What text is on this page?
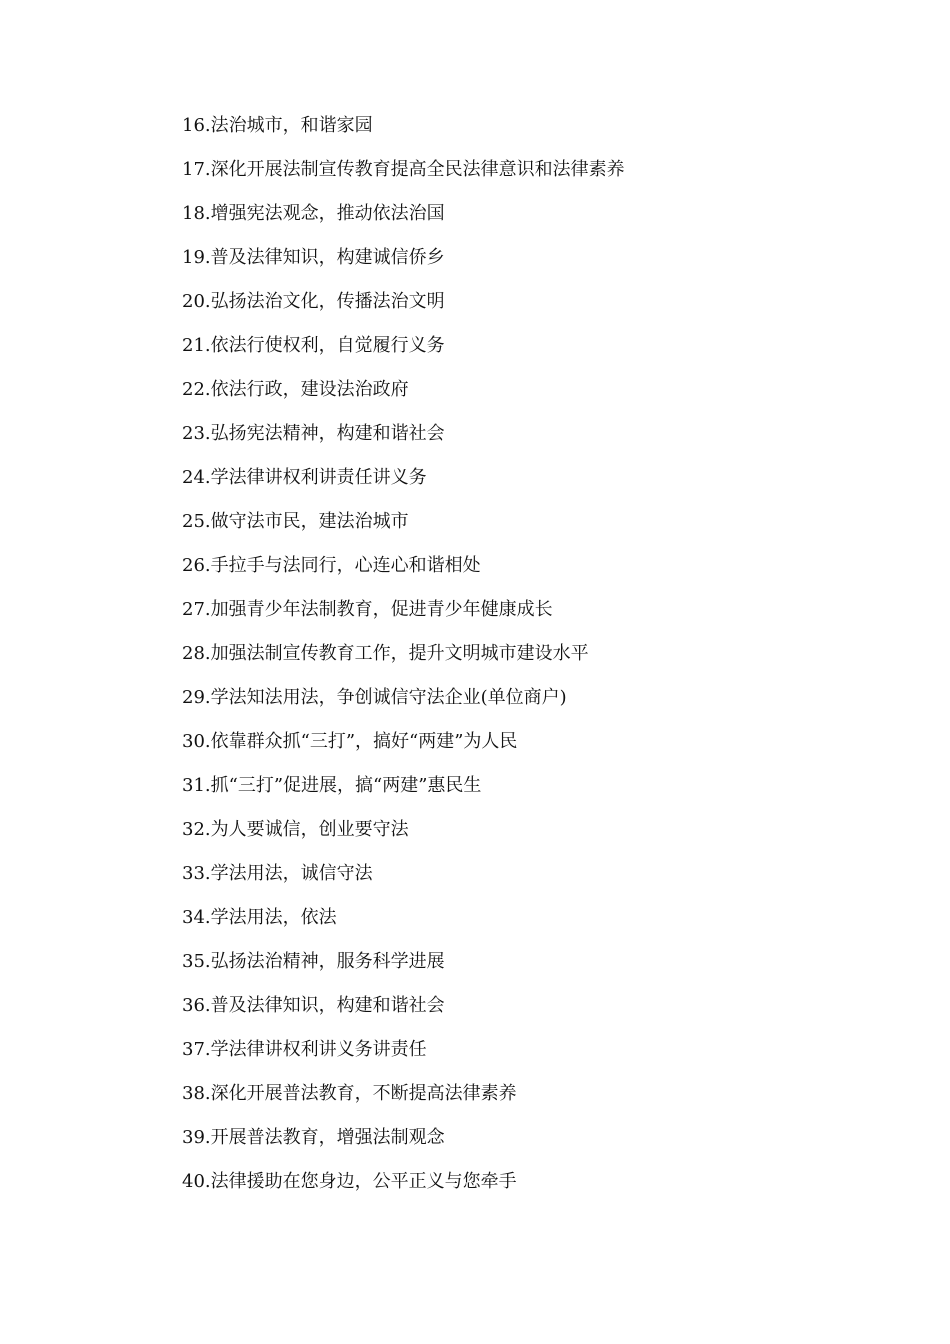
16.法治城市，和谐家园
17.深化开展法制宣传教育提高全民法律意识和法律素养
18.增强宪法观念，推动依法治国
19.普及法律知识，构建诚信侨乡
20.弘扬法治文化，传播法治文明
21.依法行使权利，自觉履行义务
22.依法行政，建设法治政府
23.弘扬宪法精神，构建和谐社会
24.学法律讲权利讲责任讲义务
25.做守法市民，建法治城市
26.手拉手与法同行，心连心和谐相处
27.加强青少年法制教育，促进青少年健康成长
28.加强法制宣传教育工作，提升文明城市建设水平
29.学法知法用法，争创诚信守法企业(单位商户)
30.依靠群众抓“三打”，搞好“两建”为人民
31.抓“三打”促进展，搞“两建”惠民生
32.为人要诚信，创业要守法
33.学法用法，诚信守法
34.学法用法，依法
35.弘扬法治精神，服务科学进展
36.普及法律知识，构建和谐社会
37.学法律讲权利讲义务讲责任
38.深化开展普法教育，不断提高法律素养
39.开展普法教育，增强法制观念
40.法律援助在您身边，公平正义与您牵手
